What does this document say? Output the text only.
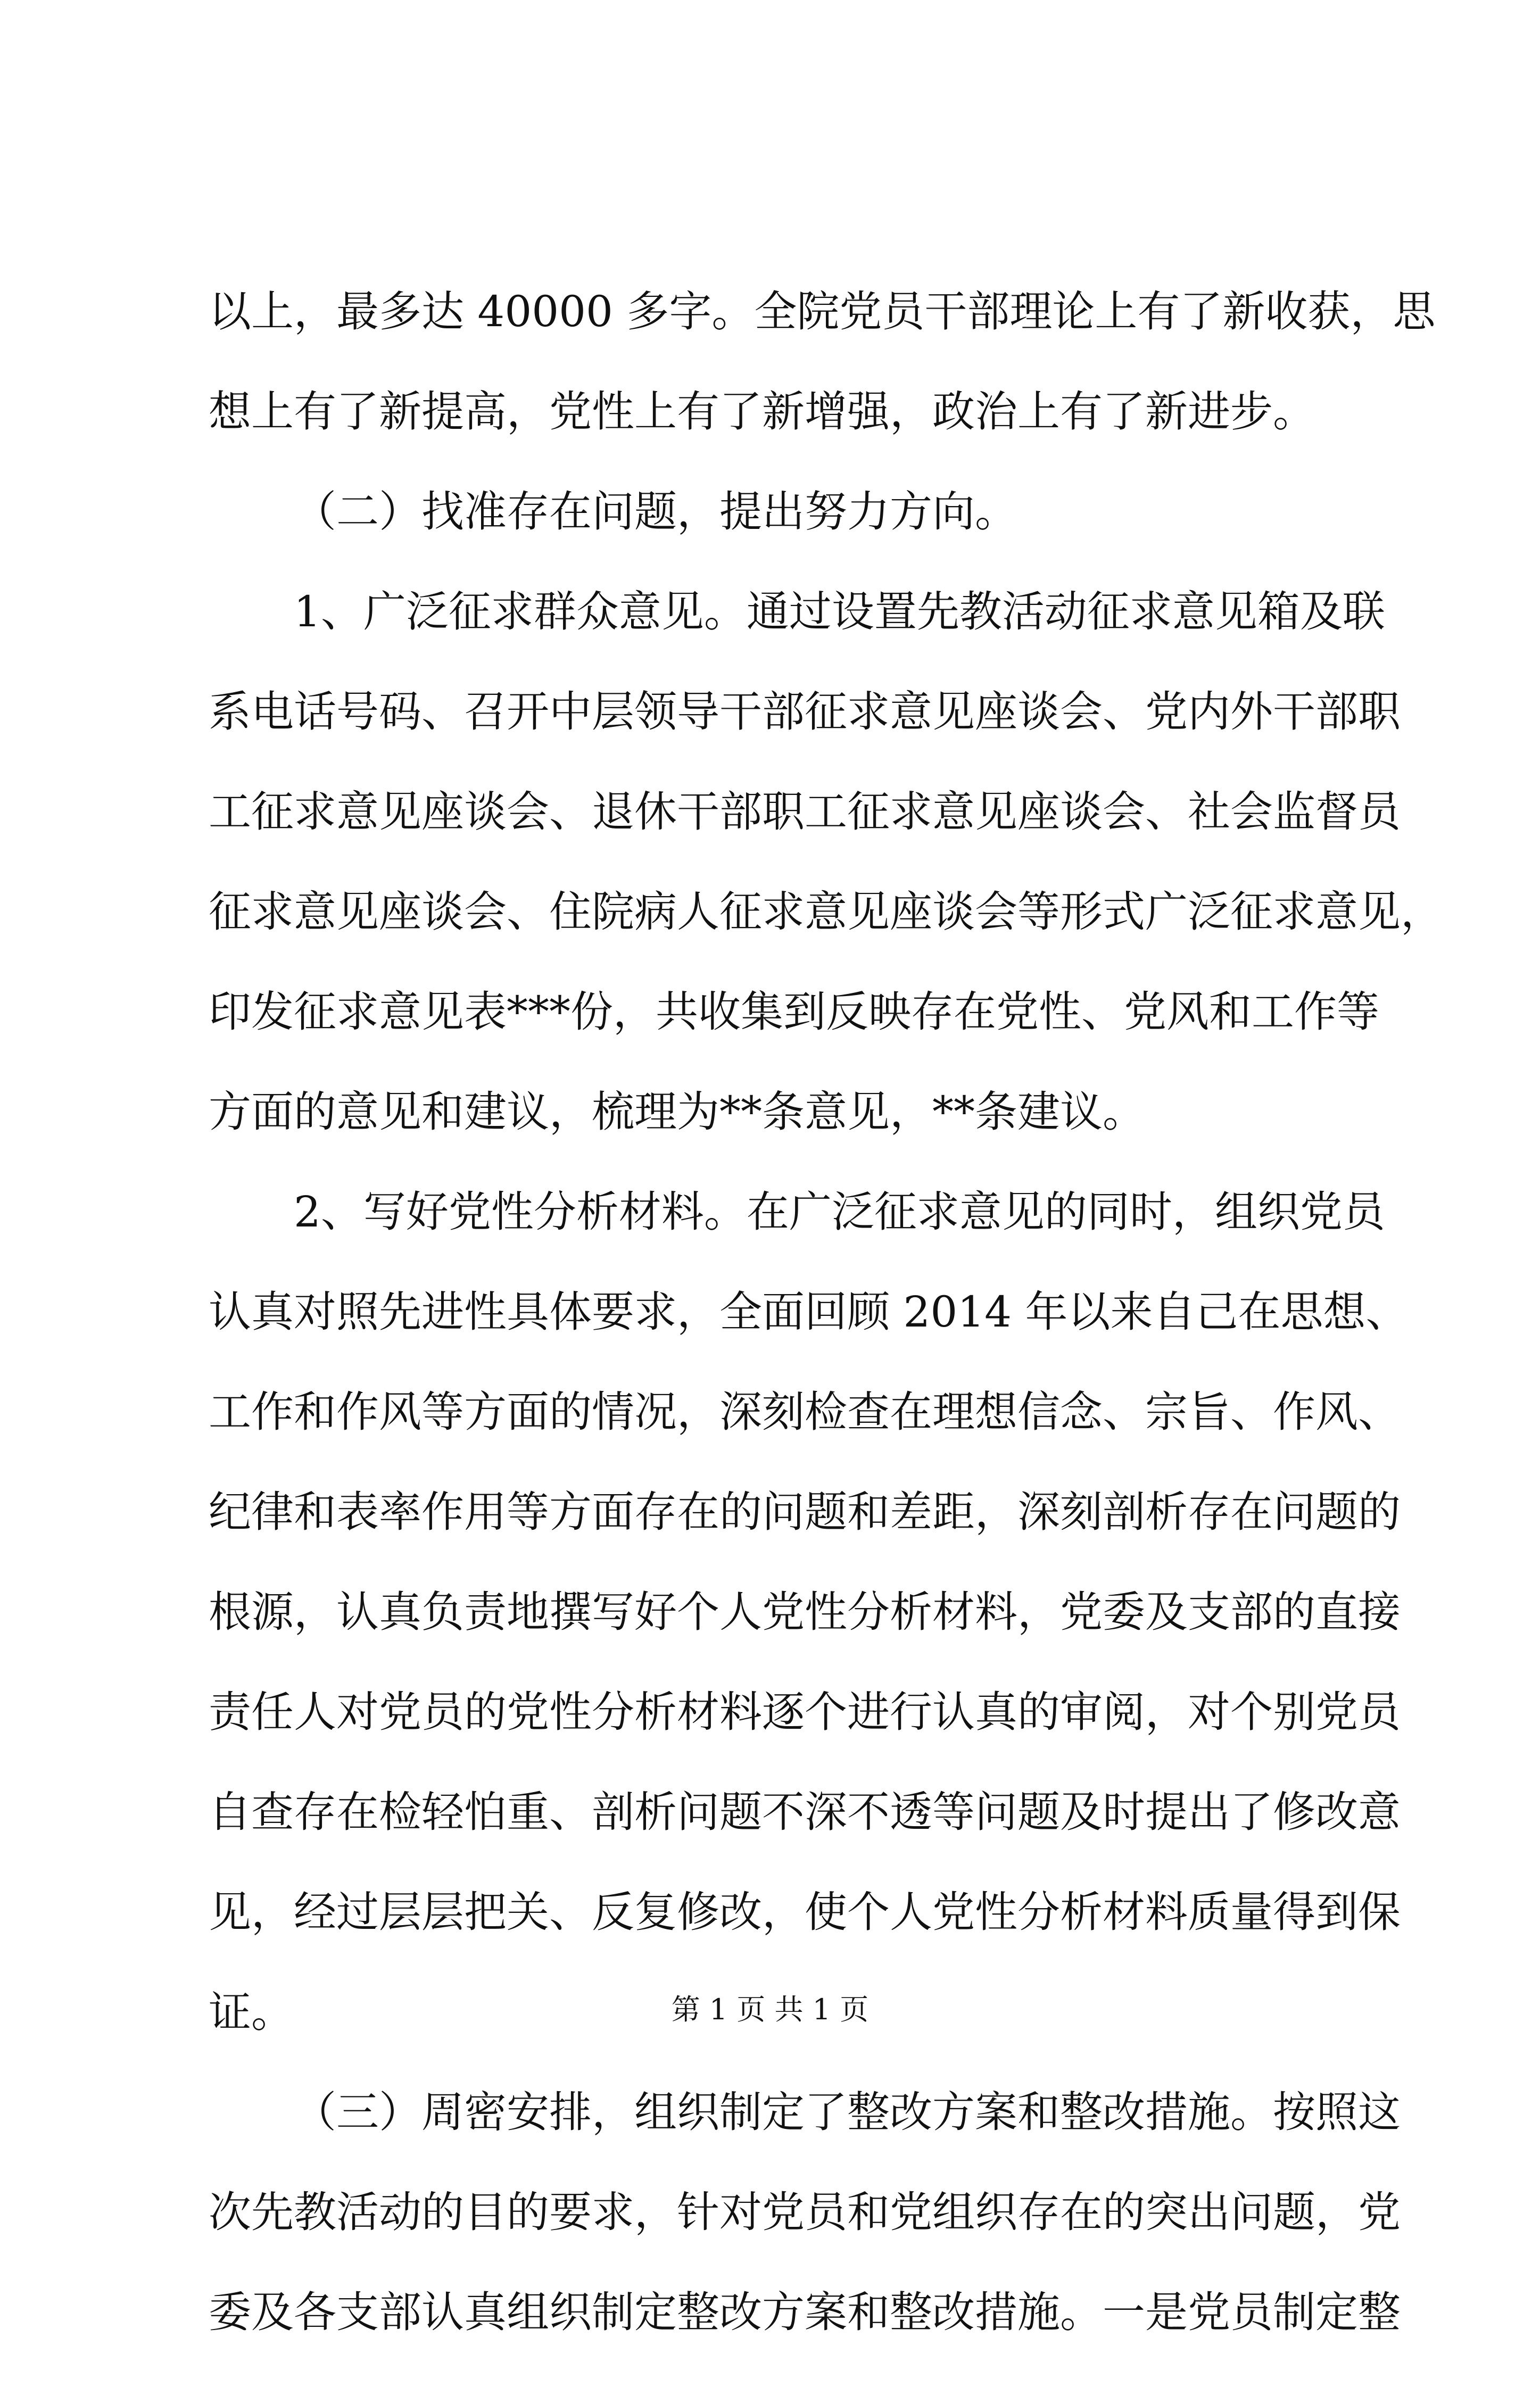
以上，最多达 40000 多字。全院党员干部理论上有了新收获，思
想上有了新提高，党性上有了新增强，政治上有了新进步。
（二）找准存在问题，提出努力方向。
1、广泛征求群众意见。通过设置先教活动征求意见箱及联
系电话号码、召开中层领导干部征求意见座谈会、党内外干部职
工征求意见座谈会、退休干部职工征求意见座谈会、社会监督员
征求意见座谈会、住院病人征求意见座谈会等形式广泛征求意见，
印发征求意见表***份，共收集到反映存在党性、党风和工作等
方面的意见和建议，梳理为**条意见，**条建议。
2、写好党性分析材料。在广泛征求意见的同时，组织党员
认真对照先进性具体要求，全面回顾 2014 年以来自己在思想、
工作和作风等方面的情况，深刻检查在理想信念、宗旨、作风、
纪律和表率作用等方面存在的问题和差距，深刻剖析存在问题的
根源，认真负责地撰写好个人党性分析材料，党委及支部的直接
责任人对党员的党性分析材料逐个进行认真的审阅，对个别党员
自查存在检轻怕重、剖析问题不深不透等问题及时提出了修改意
见，经过层层把关、反复修改，使个人党性分析材料质量得到保
证。
（三）周密安排，组织制定了整改方案和整改措施。按照这
次先教活动的目的要求，针对党员和党组织存在的突出问题，党
委及各支部认真组织制定整改方案和整改措施。一是党员制定整
第 1 页 共 1 页
